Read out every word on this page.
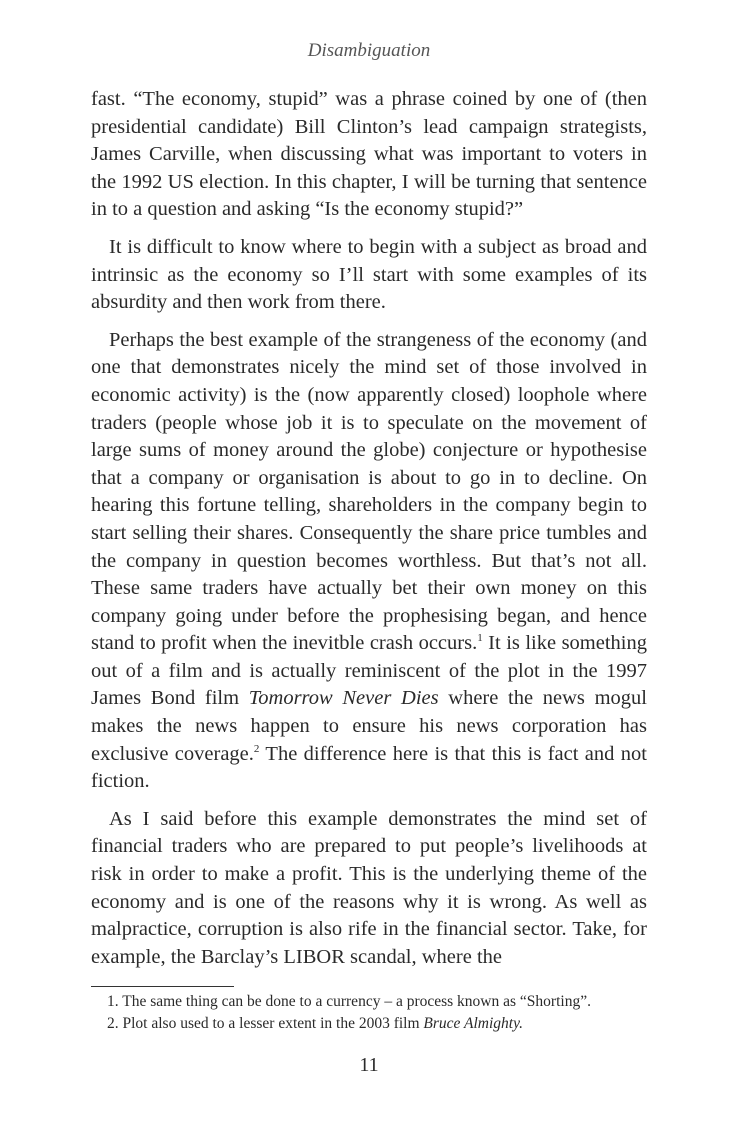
Disambiguation

fast. “The economy, stupid” was a phrase coined by one of (then presidential candidate) Bill Clinton’s lead campaign strategists, James Carville, when discussing what was important to voters in the 1992 US election. In this chapter, I will be turning that sentence in to a question and asking “Is the economy stupid?”

It is difficult to know where to begin with a subject as broad and intrinsic as the economy so I’ll start with some examples of its absurdity and then work from there.

Perhaps the best example of the strangeness of the economy (and one that demonstrates nicely the mind set of those involved in economic activity) is the (now apparently closed) loophole where traders (people whose job it is to speculate on the movement of large sums of money around the globe) conjecture or hypothesise that a company or organisation is about to go in to decline. On hearing this fortune telling, shareholders in the company begin to start selling their shares. Consequently the share price tumbles and the company in question becomes worthless. But that’s not all. These same traders have actually bet their own money on this company going under before the prophesising began, and hence stand to profit when the inevitble crash occurs.$^1$ It is like something out of a film and is actually reminiscent of the plot in the 1997 James Bond film Tomorrow Never Dies where the news mogul makes the news happen to ensure his news corporation has exclusive coverage.$^2$ The difference here is that this is fact and not fiction.

As I said before this example demonstrates the mind set of financial traders who are prepared to put people’s livelihoods at risk in order to make a profit. This is the underlying theme of the economy and is one of the reasons why it is wrong. As well as malpractice, corruption is also rife in the financial sector. Take, for example, the Barclay’s LIBOR scandal, where the

1. The same thing can be done to a currency – a process known as “Shorting”.

2. Plot also used to a lesser extent in the 2003 film Bruce Almighty.

11
